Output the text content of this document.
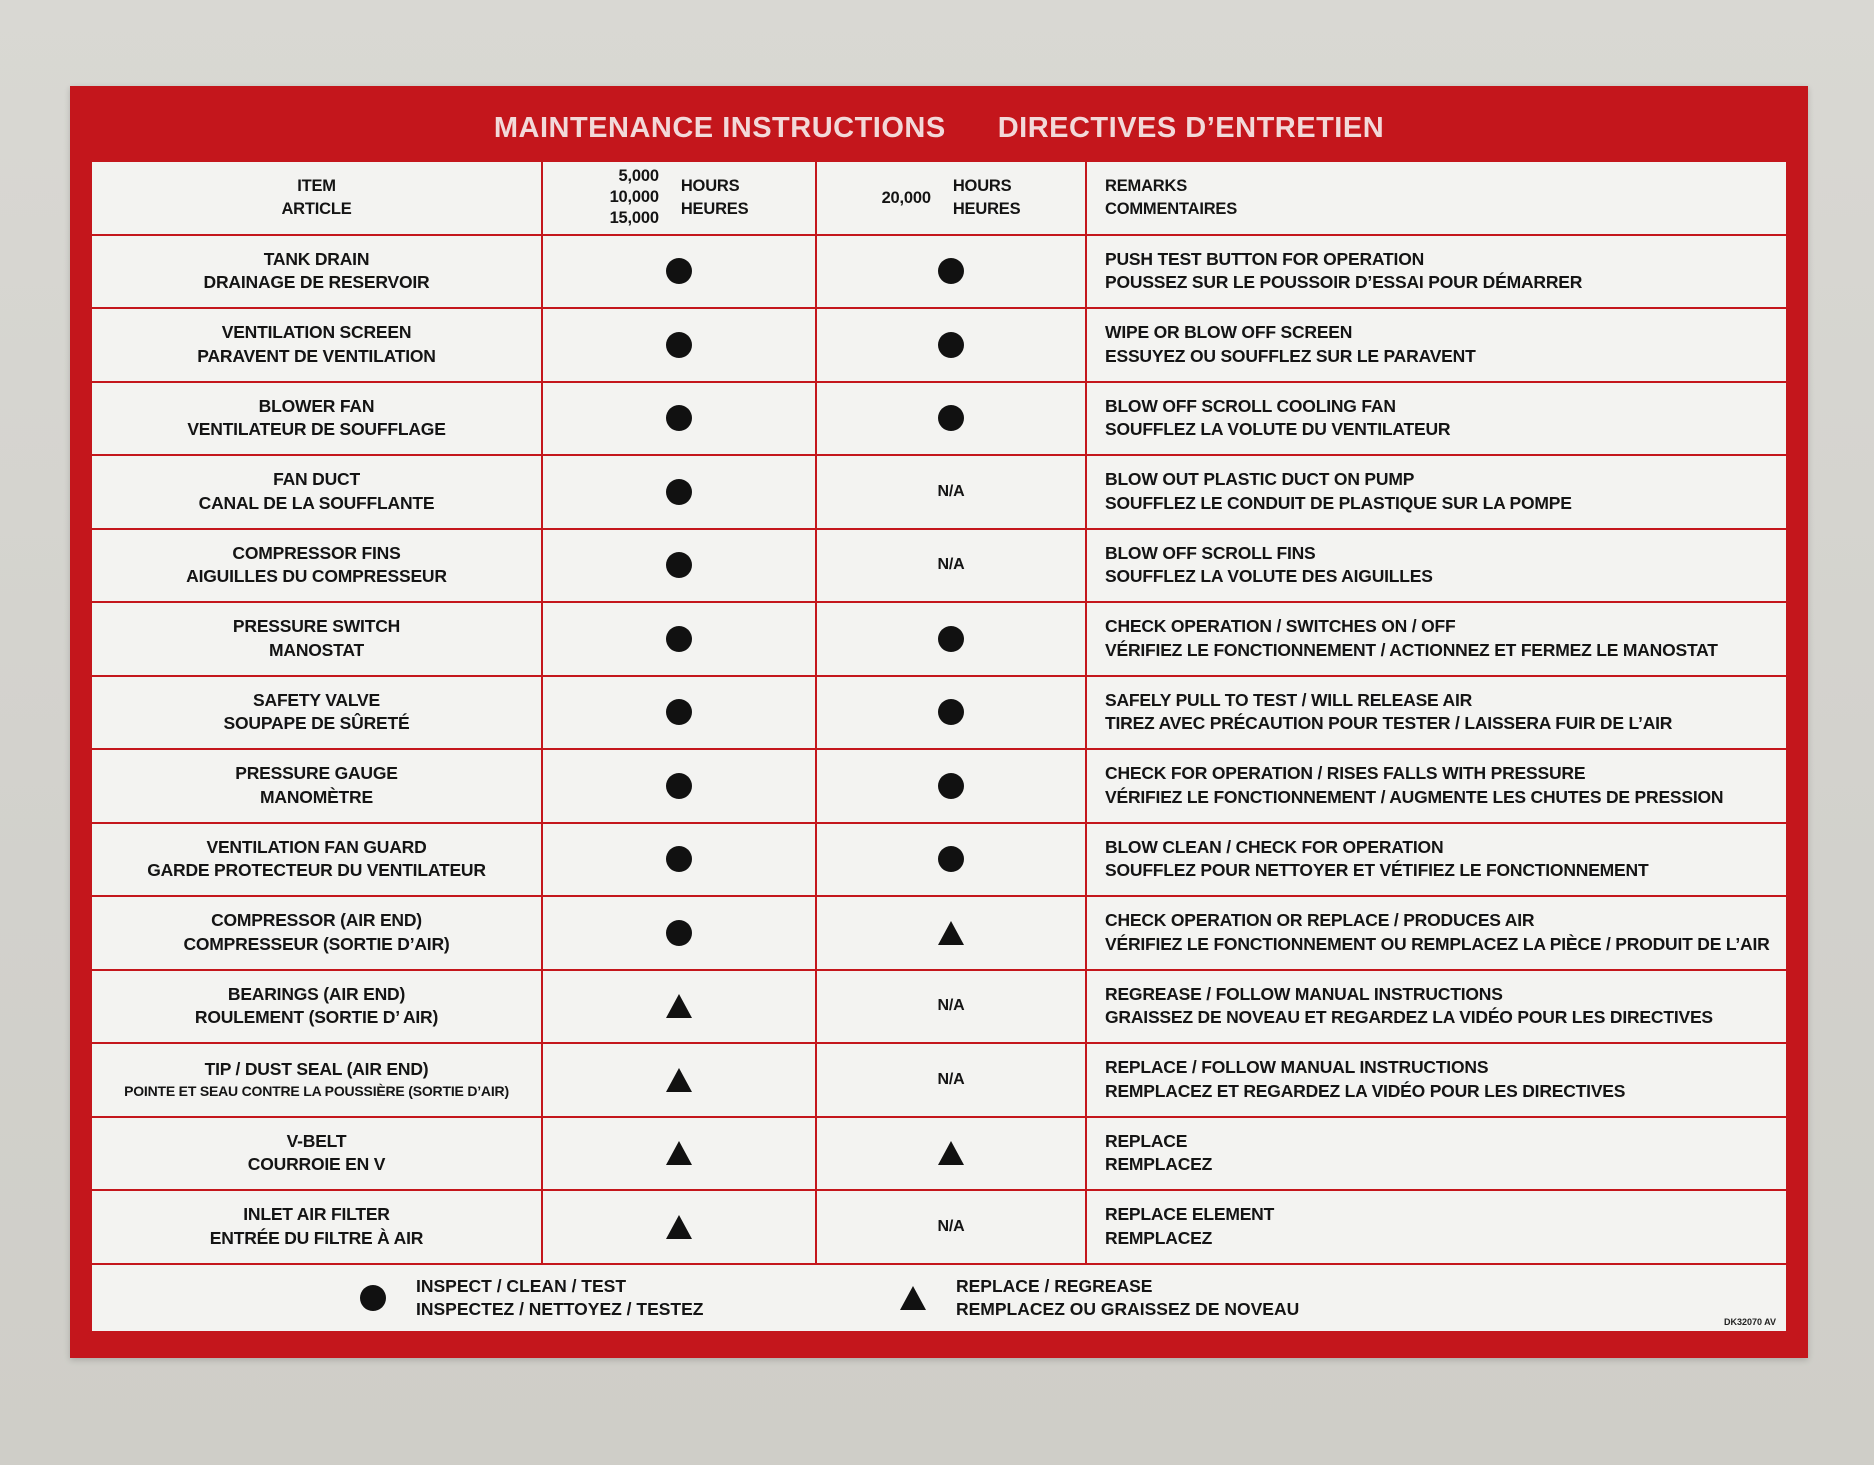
MAINTENANCE INSTRUCTIONS DIRECTIVES D’ENTRETIEN
ITEM
ARTICLE
5,000
10,000
15,000
HOURS
HEURES
20,000
HOURS
HEURES
REMARKS
COMMENTAIRES
TANK DRAIN
DRAINAGE DE RESERVOIR
PUSH TEST BUTTON FOR OPERATION
POUSSEZ SUR LE POUSSOIR D’ESSAI POUR DÉMARRER
VENTILATION SCREEN
PARAVENT DE VENTILATION
WIPE OR BLOW OFF SCREEN
ESSUYEZ OU SOUFFLEZ SUR LE PARAVENT
BLOWER FAN
VENTILATEUR DE SOUFFLAGE
BLOW OFF SCROLL COOLING FAN
SOUFFLEZ LA VOLUTE DU VENTILATEUR
FAN DUCT
CANAL DE LA SOUFFLANTE
N/A
BLOW OUT PLASTIC DUCT ON PUMP
SOUFFLEZ LE CONDUIT DE PLASTIQUE SUR LA POMPE
COMPRESSOR FINS
AIGUILLES DU COMPRESSEUR
N/A
BLOW OFF SCROLL FINS
SOUFFLEZ LA VOLUTE DES AIGUILLES
PRESSURE SWITCH
MANOSTAT
CHECK OPERATION / SWITCHES ON / OFF
VÉRIFIEZ LE FONCTIONNEMENT / ACTIONNEZ ET FERMEZ LE MANOSTAT
SAFETY VALVE
SOUPAPE DE SÛRETÉ
SAFELY PULL TO TEST / WILL RELEASE AIR
TIREZ AVEC PRÉCAUTION POUR TESTER / LAISSERA FUIR DE L’AIR
PRESSURE GAUGE
MANOMÈTRE
CHECK FOR OPERATION / RISES FALLS WITH PRESSURE
VÉRIFIEZ LE FONCTIONNEMENT / AUGMENTE LES CHUTES DE PRESSION
VENTILATION FAN GUARD
GARDE PROTECTEUR DU VENTILATEUR
BLOW CLEAN / CHECK FOR OPERATION
SOUFFLEZ POUR NETTOYER ET VÉTIFIEZ LE FONCTIONNEMENT
COMPRESSOR (AIR END)
COMPRESSEUR (SORTIE D’AIR)
CHECK OPERATION OR REPLACE / PRODUCES AIR
VÉRIFIEZ LE FONCTIONNEMENT OU REMPLACEZ LA PIÈCE / PRODUIT DE L’AIR
BEARINGS (AIR END)
ROULEMENT (SORTIE D’ AIR)
N/A
REGREASE / FOLLOW MANUAL INSTRUCTIONS
GRAISSEZ DE NOVEAU ET REGARDEZ LA VIDÉO POUR LES DIRECTIVES
TIP / DUST SEAL (AIR END)
POINTE ET SEAU CONTRE LA POUSSIÈRE (SORTIE D’AIR)
N/A
REPLACE / FOLLOW MANUAL INSTRUCTIONS
REMPLACEZ ET REGARDEZ LA VIDÉO POUR LES DIRECTIVES
V-BELT
COURROIE EN V
REPLACE
REMPLACEZ
INLET AIR FILTER
ENTRÉE DU FILTRE À AIR
N/A
REPLACE ELEMENT
REMPLACEZ
INSPECT / CLEAN / TEST
INSPECTEZ / NETTOYEZ / TESTEZ
REPLACE / REGREASE
REMPLACEZ OU GRAISSEZ DE NOVEAU
DK32070 AV
